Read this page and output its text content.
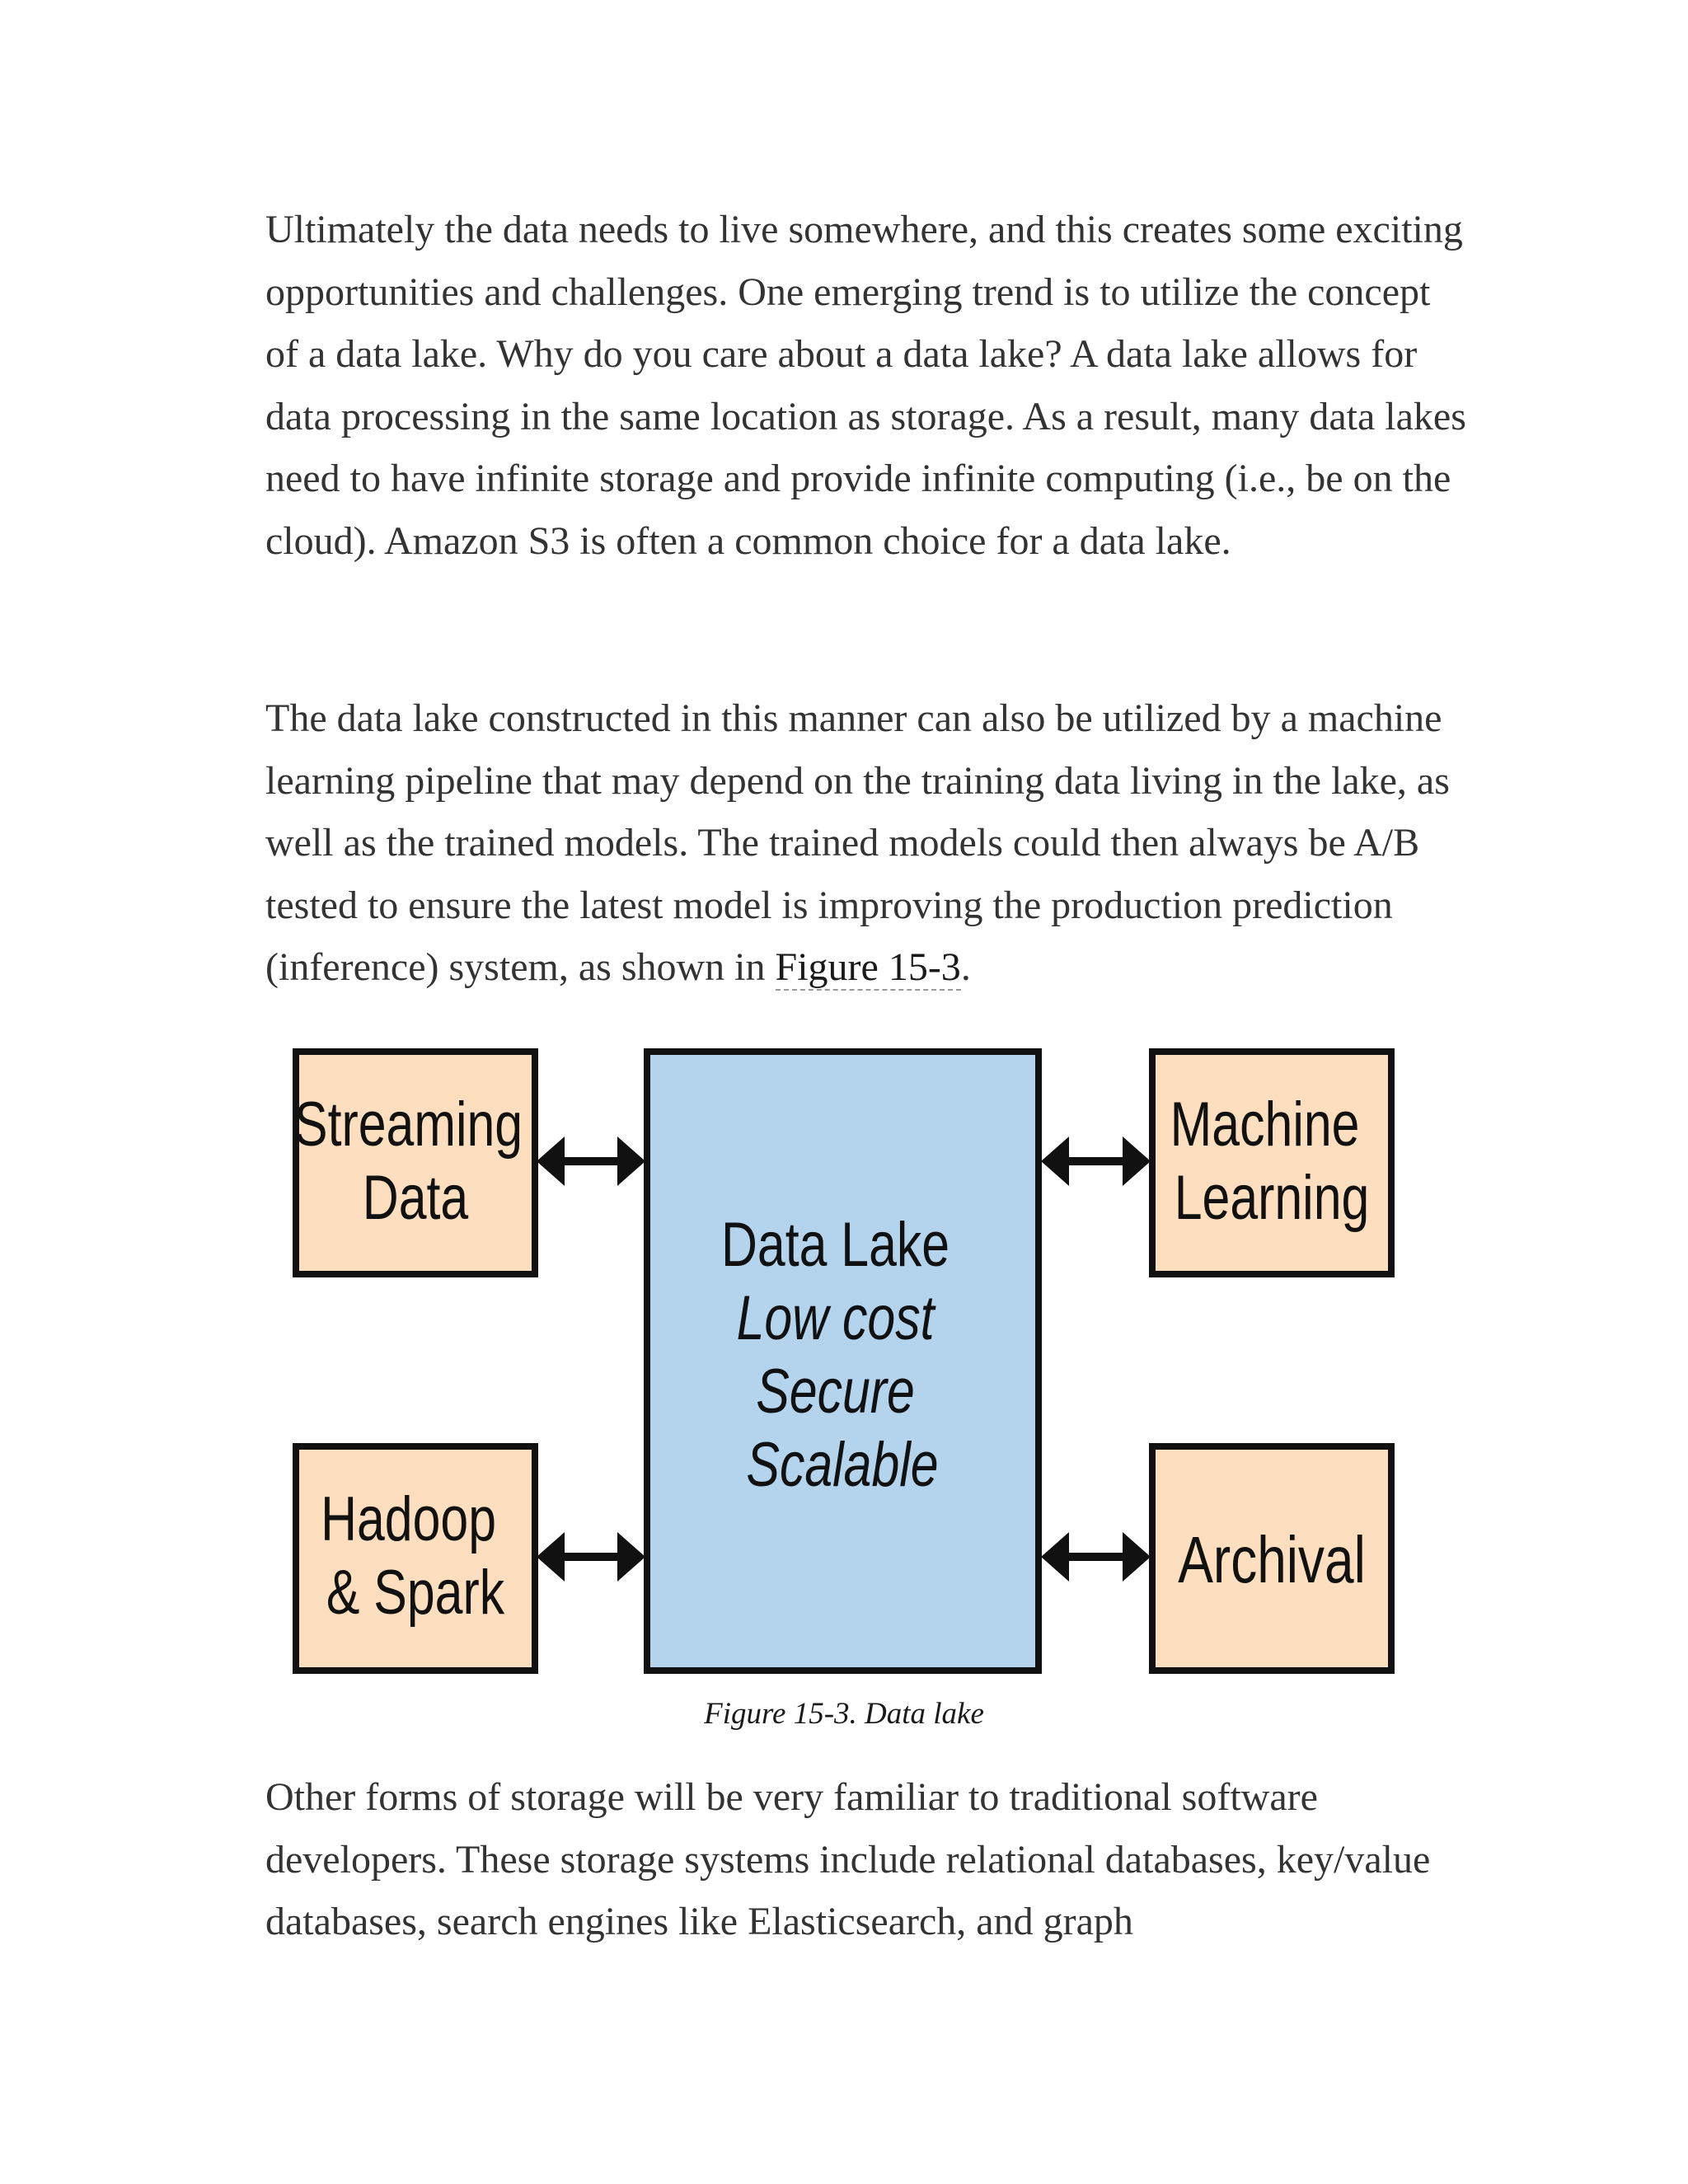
Ultimately the data needs to live somewhere, and this creates some exciting opportunities and challenges. One emerging trend is to utilize the concept of a data lake. Why do you care about a data lake? A data lake allows for data processing in the same location as storage. As a result, many data lakes need to have infinite storage and provide infinite computing (i.e., be on the cloud). Amazon S3 is often a common choice for a data lake.

The data lake constructed in this manner can also be utilized by a machine learning pipeline that may depend on the training data living in the lake, as well as the trained models. The trained models could then always be A/B tested to ensure the latest model is improving the production prediction (inference) system, as shown in Figure 15-3.

Streaming Data
Machine Learning
Hadoop & Spark	Archival
Data Lake Low cost Secure Scalable

Figure 15-3. Data lake

Other forms of storage will be very familiar to traditional software developers. These storage systems include relational databases, key/value databases, search engines like Elasticsearch, and graph
